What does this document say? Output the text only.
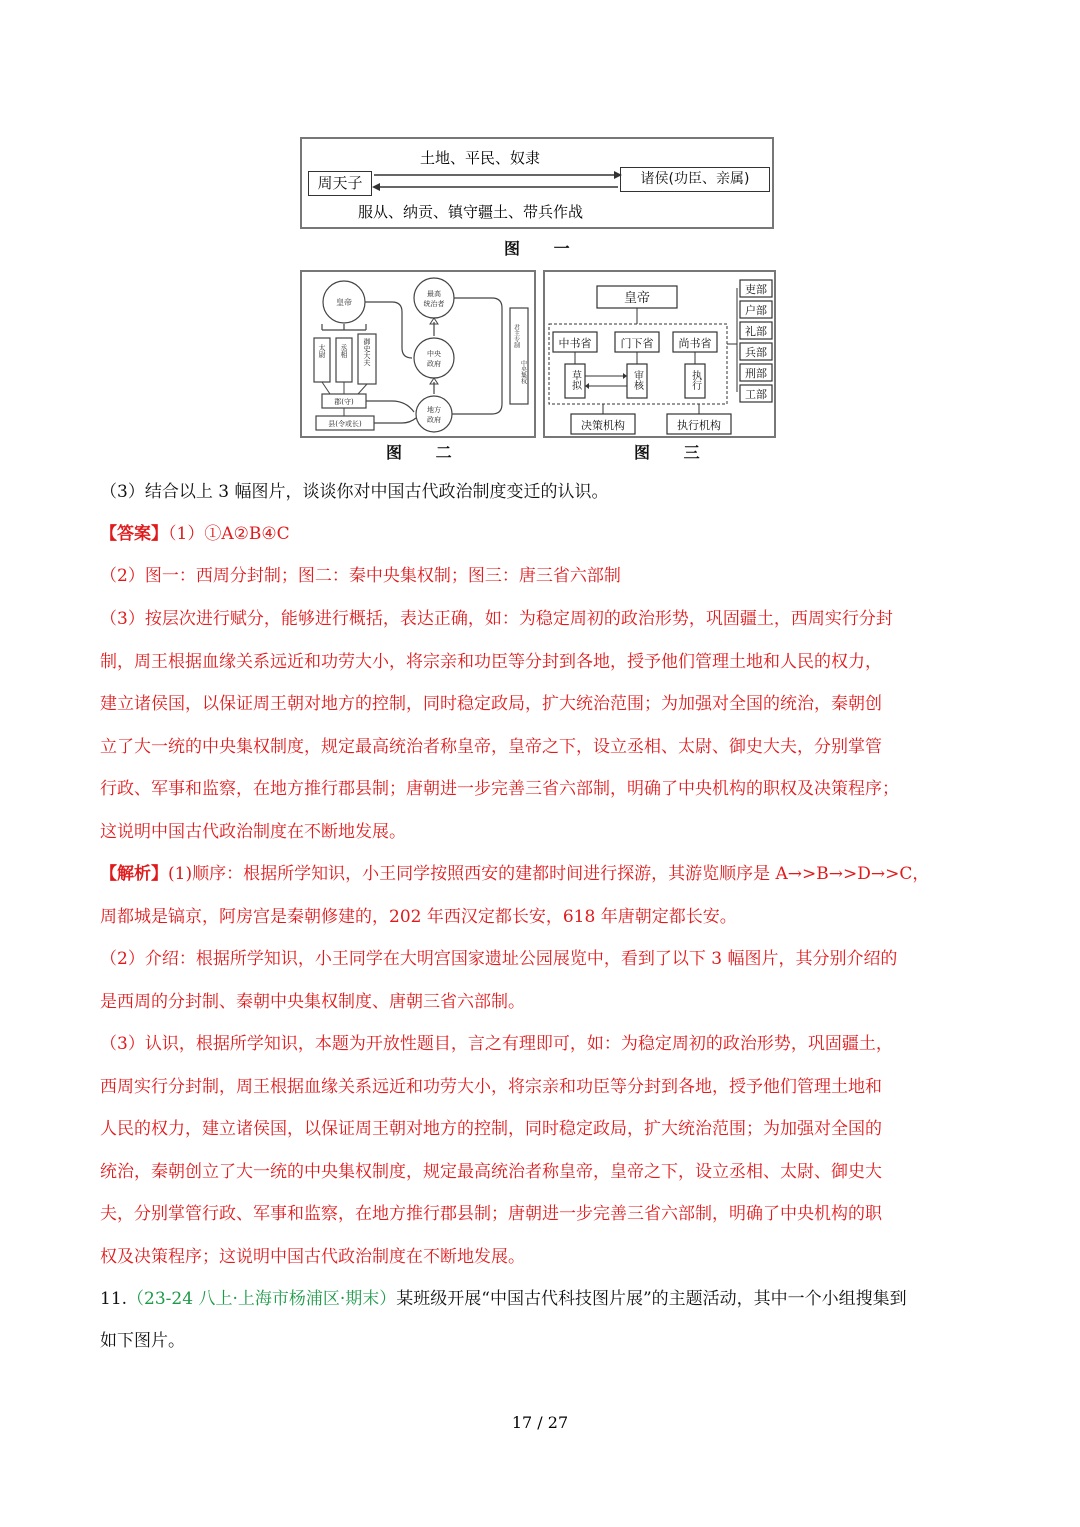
土地、平民、奴隶
周天子	诸侯(功臣、亲属)
服从、纳贡、镇守疆土、带兵作战
图 一
皇帝
最高
统治者
中央
政府
地方
政府
君主专制
中央集权
太尉 丞相 御史大夫
郡(守)
县(令或长)
图 二
皇帝
中书省	门下省 尚书省
草拟	审核	执行
决策机构	执行机构
吏部
户部
礼部
兵部
刑部
工部
图 三
（3）结合以上 3 幅图片，谈谈你对中国古代政治制度变迁的认识。
【答案】（1）①A②B④C
（2）图一：西周分封制；图二：秦中央集权制；图三：唐三省六部制
（3）按层次进行赋分，能够进行概括，表达正确，如：为稳定周初的政治形势，巩固疆土，西周实行分封
制，周王根据血缘关系远近和功劳大小，将宗亲和功臣等分封到各地，授予他们管理土地和人民的权力，
建立诸侯国，以保证周王朝对地方的控制，同时稳定政局，扩大统治范围；为加强对全国的统治，秦朝创
立了大一统的中央集权制度，规定最高统治者称皇帝，皇帝之下，设立丞相、太尉、御史大夫，分别掌管
行政、军事和监察，在地方推行郡县制；唐朝进一步完善三省六部制，明确了中央机构的职权及决策程序；
这说明中国古代政治制度在不断地发展。
【解析】(1)顺序：根据所学知识，小王同学按照西安的建都时间进行探游，其游览顺序是 A→>B→>D→>C，
周都城是镐京，阿房宫是秦朝修建的，202 年西汉定都长安，618 年唐朝定都长安。
（2）介绍：根据所学知识，小王同学在大明宫国家遗址公园展览中，看到了以下 3 幅图片，其分别介绍的
是西周的分封制、秦朝中央集权制度、唐朝三省六部制。
（3）认识，根据所学知识，本题为开放性题目，言之有理即可，如：为稳定周初的政治形势，巩固疆土，
西周实行分封制，周王根据血缘关系远近和功劳大小，将宗亲和功臣等分封到各地，授予他们管理土地和
人民的权力，建立诸侯国，以保证周王朝对地方的控制，同时稳定政局，扩大统治范围；为加强对全国的
统治，秦朝创立了大一统的中央集权制度，规定最高统治者称皇帝，皇帝之下，设立丞相、太尉、御史大
夫，分别掌管行政、军事和监察，在地方推行郡县制；唐朝进一步完善三省六部制，明确了中央机构的职
权及决策程序；这说明中国古代政治制度在不断地发展。
11.（23-24 八上·上海市杨浦区·期末）某班级开展“中国古代科技图片展”的主题活动，其中一个小组搜集到
如下图片。
17 / 27
